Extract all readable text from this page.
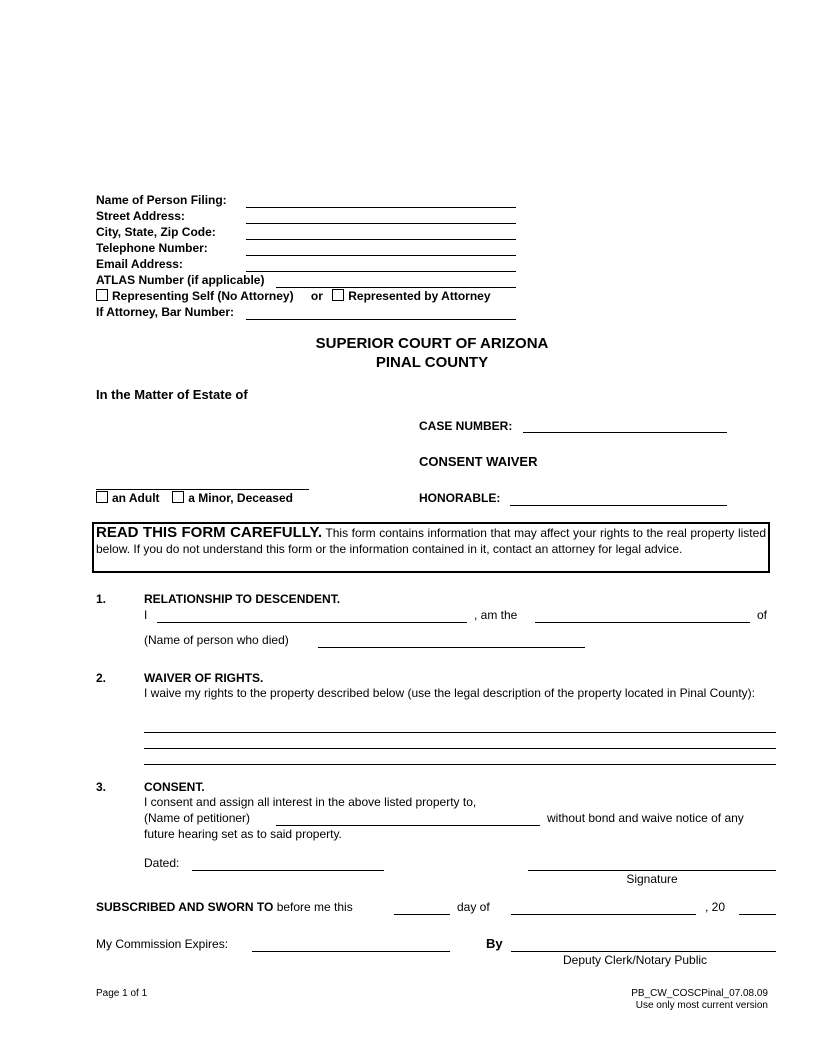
Name of Person Filing:
Street Address:
City, State, Zip Code:
Telephone Number:
Email Address:
ATLAS Number (if applicable)
Representing Self (No Attorney) or Represented by Attorney
If Attorney, Bar Number:
SUPERIOR COURT OF ARIZONA
PINAL COUNTY
In the Matter of Estate of
CASE NUMBER:
CONSENT WAIVER
an Adult a Minor, Deceased	HONORABLE:
READ THIS FORM CAREFULLY. This form contains information that may affect your rights to the real property listed below. If you do not understand this form or the information contained in it, contact an attorney for legal advice.
1.	RELATIONSHIP TO DESCENDENT.
I	, am the	of
(Name of person who died)
2.	WAIVER OF RIGHTS.
I waive my rights to the property described below (use the legal description of the property located in Pinal County):
3.	CONSENT.
I consent and assign all interest in the above listed property to,
(Name of petitioner)	without bond and waive notice of any
future hearing set as to said property.
Dated:
Signature
SUBSCRIBED AND SWORN TO before me this	day of	, 20
My Commission Expires:	By
Deputy Clerk/Notary Public
Page 1 of 1	PB_CW_COSCPinal_07.08.09
Use only most current version
